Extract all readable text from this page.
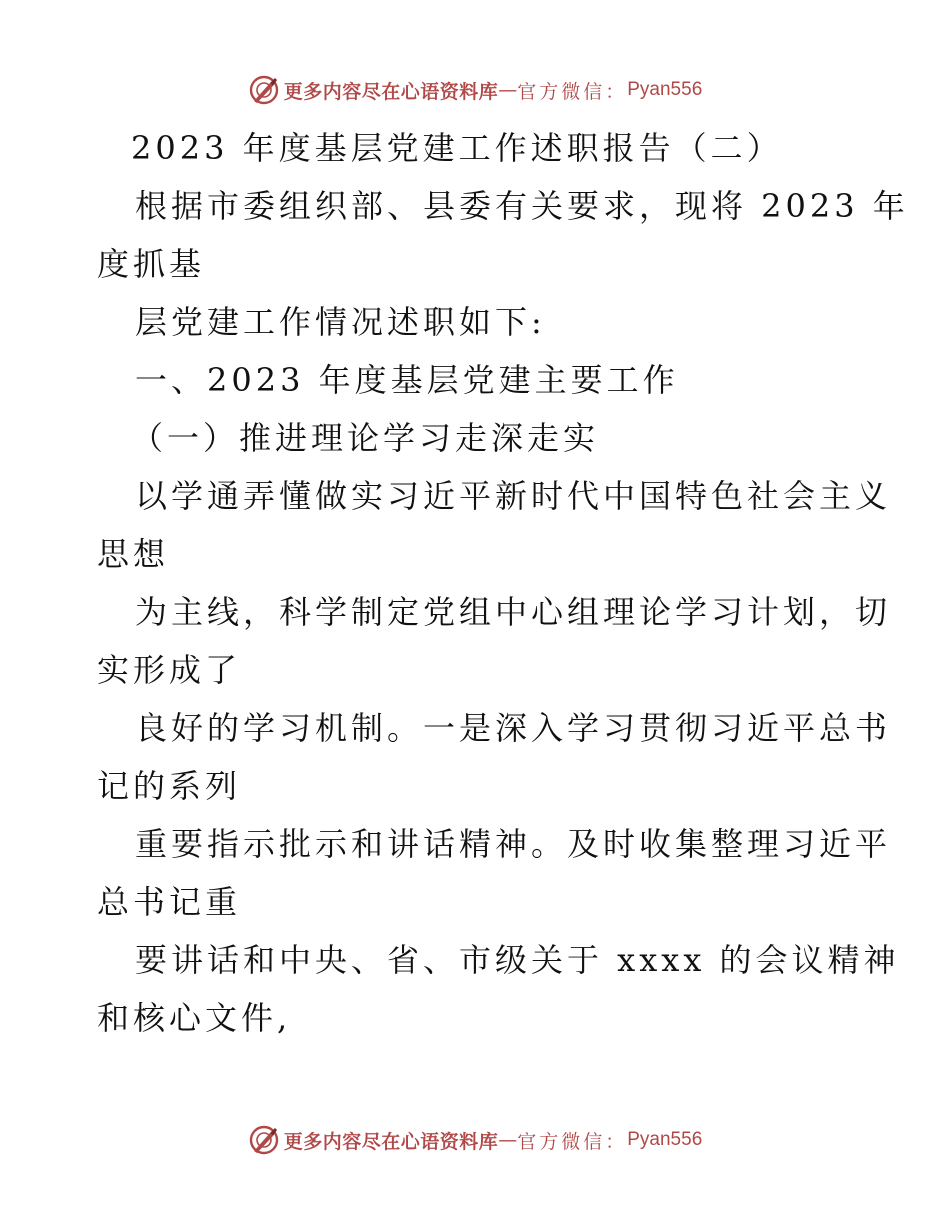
更多内容尽在心语资料库 — 官方微信： Pyan556
2023 年度基层党建工作述职报告（二）
根据市委组织部、县委有关要求，现将 2023 年
度抓基
层党建工作情况述职如下:
一、2023 年度基层党建主要工作
（一）推进理论学习走深走实
以学通弄懂做实习近平新时代中国特色社会主义
思想
为主线，科学制定党组中心组理论学习计划，切
实形成了
良好的学习机制。一是深入学习贯彻习近平总书
记的系列
重要指示批示和讲话精神。及时收集整理习近平
总书记重
要讲话和中央、省、市级关于 xxxx 的会议精神
和核心文件,
更多内容尽在心语资料库 — 官方微信： Pyan556
